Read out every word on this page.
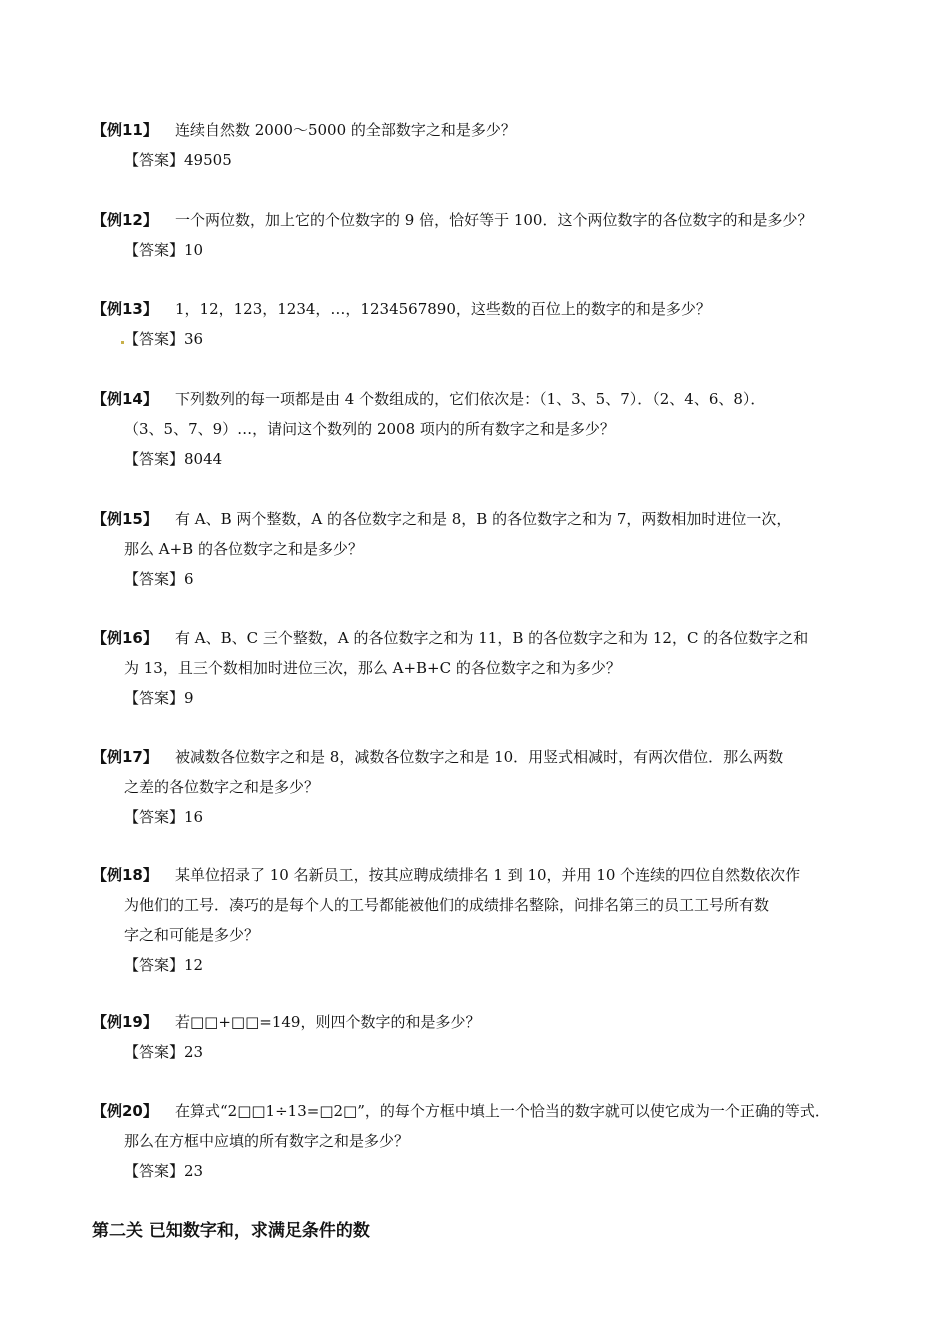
【例11】 连续自然数 2000～5000 的全部数字之和是多少？
【答案】49505
【例12】 一个两位数，加上它的个位数字的 9 倍，恰好等于 100．这个两位数字的各位数字的和是多少？
【答案】10
【例13】 1，12，123，1234，…，1234567890，这些数的百位上的数字的和是多少？
【答案】36
【例14】 下列数列的每一项都是由 4 个数组成的，它们依次是：（1、3、5、7）．（2、4、6、8）．
（3、5、7、9）…，请问这个数列的 2008 项内的所有数字之和是多少？
【答案】8044
【例15】 有 A、B 两个整数，A 的各位数字之和是 8，B 的各位数字之和为 7，两数相加时进位一次，
那么 A+B 的各位数字之和是多少？
【答案】6
【例16】 有 A、B、C 三个整数，A 的各位数字之和为 11，B 的各位数字之和为 12，C 的各位数字之和
为 13，且三个数相加时进位三次，那么 A+B+C 的各位数字之和为多少？
【答案】9
【例17】 被减数各位数字之和是 8，减数各位数字之和是 10．用竖式相减时，有两次借位．那么两数
之差的各位数字之和是多少？
【答案】16
【例18】 某单位招录了 10 名新员工，按其应聘成绩排名 1 到 10，并用 10 个连续的四位自然数依次作
为他们的工号．凑巧的是每个人的工号都能被他们的成绩排名整除，问排名第三的员工工号所有数
字之和可能是多少？
【答案】12
【例19】 若□□+□□=149，则四个数字的和是多少？
【答案】23
【例20】 在算式“2□□1÷13=□2□”，的每个方框中填上一个恰当的数字就可以使它成为一个正确的等式．
那么在方框中应填的所有数字之和是多少？
【答案】23
第二关 已知数字和，求满足条件的数
